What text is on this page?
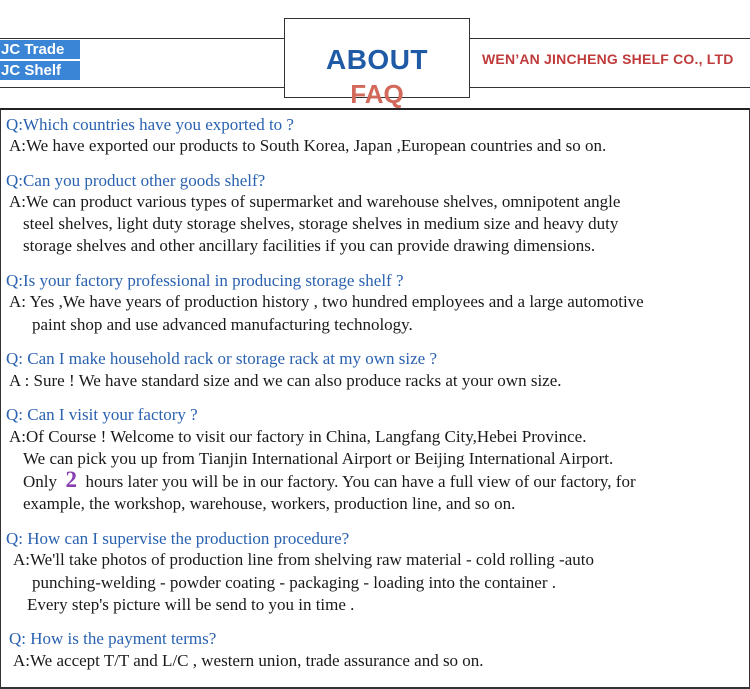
JC Trade
JC Shelf	ABOUT
FAQ
WEN’AN JINCHENG SHELF CO., LTD
Q:Which countries have you exported to ?
A:We have exported our products to South Korea, Japan ,European countries and so on.
Q:Can you product other goods shelf?
A:We can product various types of supermarket and warehouse shelves, omnipotent angle
steel shelves, light duty storage shelves, storage shelves in medium size and heavy duty
storage shelves and other ancillary facilities if you can provide drawing dimensions.
Q:Is your factory professional in producing storage shelf ?
A: Yes ,We have years of production history , two hundred employees and a large automotive
paint shop and use advanced manufacturing technology.
Q: Can I make household rack or storage rack at my own size ?
A : Sure ! We have standard size and we can also produce racks at your own size.
Q: Can I visit your factory ?
A:Of Course ! Welcome to visit our factory in China, Langfang City,Hebei Province.
We can pick you up from Tianjin International Airport or Beijing International Airport.
Only 2 hours later you will be in our factory. You can have a full view of our factory, for
example, the workshop, warehouse, workers, production line, and so on.
Q: How can I supervise the production procedure?
A:We'll take photos of production line from shelving raw material - cold rolling -auto
punching-welding - powder coating - packaging - loading into the container .
Every step's picture will be send to you in time .
Q: How is the payment terms?
A:We accept T/T and L/C , western union, trade assurance and so on.
